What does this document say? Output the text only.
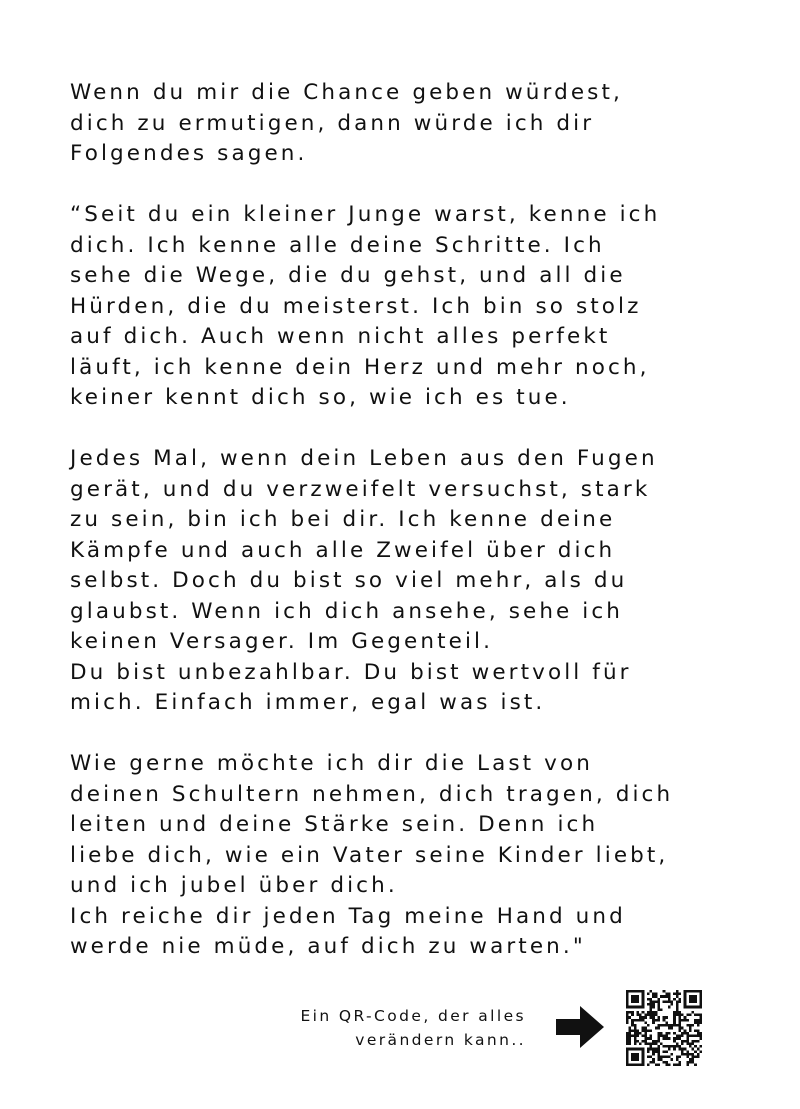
Wenn du mir die Chance geben würdest,
dich zu ermutigen, dann würde ich dir
Folgendes sagen.
“Seit du ein kleiner Junge warst, kenne ich
dich. Ich kenne alle deine Schritte. Ich
sehe die Wege, die du gehst, und all die
Hürden, die du meisterst. Ich bin so stolz
auf dich. Auch wenn nicht alles perfekt
läuft, ich kenne dein Herz und mehr noch,
keiner kennt dich so, wie ich es tue.
Jedes Mal, wenn dein Leben aus den Fugen
gerät, und du verzweifelt versuchst, stark
zu sein, bin ich bei dir. Ich kenne deine
Kämpfe und auch alle Zweifel über dich
selbst. Doch du bist so viel mehr, als du
glaubst. Wenn ich dich ansehe, sehe ich
keinen Versager. Im Gegenteil.
Du bist unbezahlbar. Du bist wertvoll für
mich. Einfach immer, egal was ist.
Wie gerne möchte ich dir die Last von
deinen Schultern nehmen, dich tragen, dich
leiten und deine Stärke sein. Denn ich
liebe dich, wie ein Vater seine Kinder liebt,
und ich jubel über dich.
Ich reiche dir jeden Tag meine Hand und
werde nie müde, auf dich zu warten."
Ein QR-Code, der alles
verändern kann..
